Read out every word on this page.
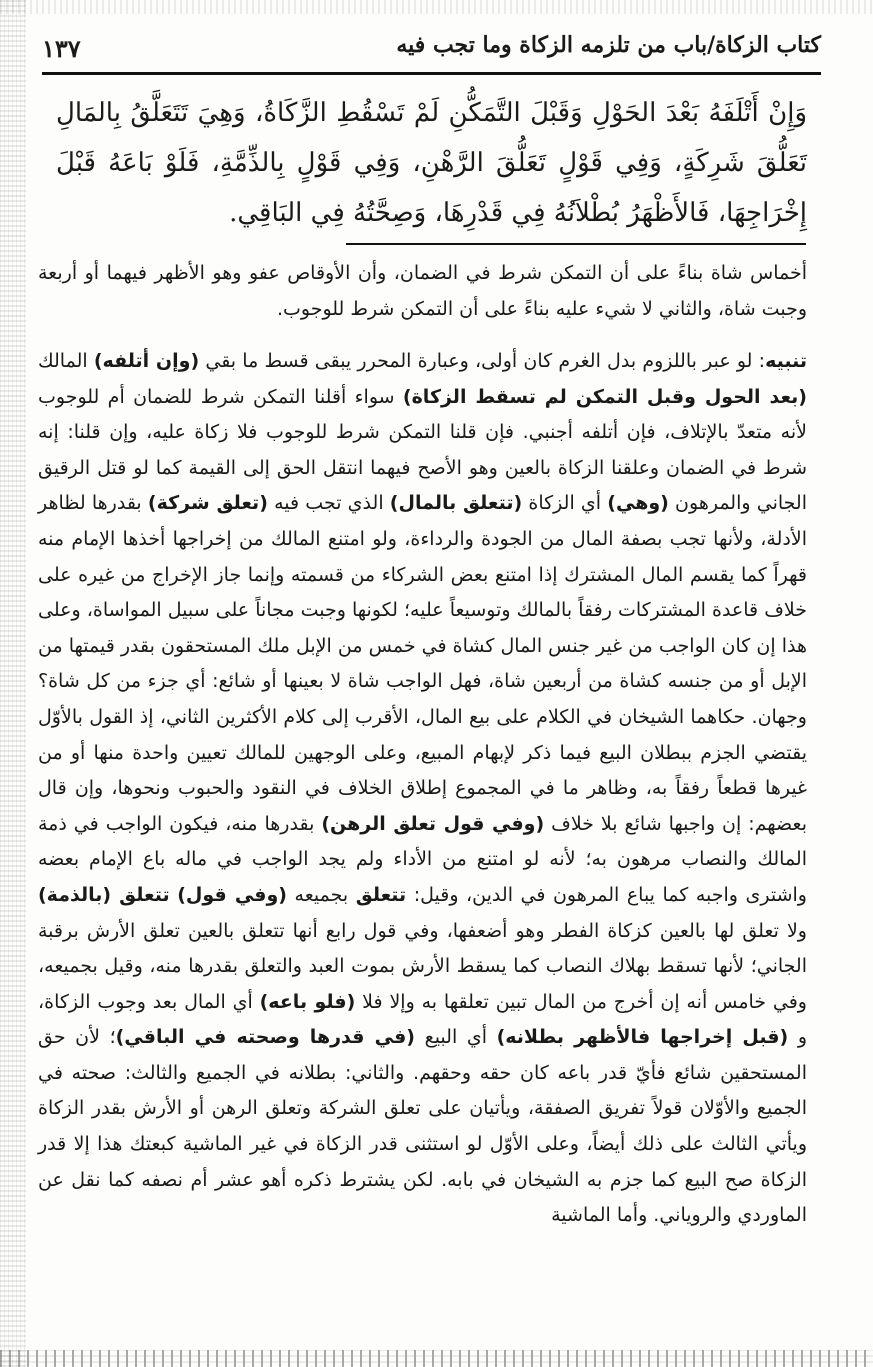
كتاب الزكاة/باب من تلزمه الزكاة وما تجب فيه
١٣٧
وَإِنْ أَتْلَفَهُ بَعْدَ الحَوْلِ وَقَبْلَ التَّمَكُّنِ لَمْ تَسْقُطِ الزَّكَاةُ، وَهِيَ تَتَعَلَّقُ بِالمَالِ تَعَلُّقَ شَرِكَةٍ، وَفِي قَوْلٍ تَعَلُّقَ الرَّهْنِ، وَفِي قَوْلٍ بِالذِّمَّةِ، فَلَوْ بَاعَهُ قَبْلَ إِخْرَاجِهَا، فَالأَظْهَرُ بُطْلاَنُهُ فِي قَدْرِهَا، وَصِحَّتُهُ فِي البَاقِي.

أخماس شاة بناءً على أن التمكن شرط في الضمان، وأن الأوقاص عفو وهو الأظهر فيهما أو أربعة وجبت شاة، والثاني لا شيء عليه بناءً على أن التمكن شرط للوجوب.

تنبيه: لو عبر باللزوم بدل الغرم كان أولى، وعبارة المحرر يبقى قسط ما بقي (وإن أتلفه) المالك (بعد الحول وقبل التمكن لم تسقط الزكاة) سواء أقلنا التمكن شرط للضمان أم للوجوب لأنه متعدّ بالإتلاف، فإن أتلفه أجنبي. فإن قلنا التمكن شرط للوجوب فلا زكاة عليه، وإن قلنا: إنه شرط في الضمان وعلقنا الزكاة بالعين وهو الأصح فيهما انتقل الحق إلى القيمة كما لو قتل الرقيق الجاني والمرهون (وهي) أي الزكاة (تتعلق بالمال) الذي تجب فيه (تعلق شركة) بقدرها لظاهر الأدلة، ولأنها تجب بصفة المال من الجودة والرداءة، ولو امتنع المالك من إخراجها أخذها الإمام منه قهراً كما يقسم المال المشترك إذا امتنع بعض الشركاء من قسمته وإنما جاز الإخراج من غيره على خلاف قاعدة المشتركات رفقاً بالمالك وتوسيعاً عليه؛ لكونها وجبت مجاناً على سبيل المواساة، وعلى هذا إن كان الواجب من غير جنس المال كشاة في خمس من الإبل ملك المستحقون بقدر قيمتها من الإبل أو من جنسه كشاة من أربعين شاة، فهل الواجب شاة لا بعينها أو شائع: أي جزء من كل شاة؟ وجهان. حكاهما الشيخان في الكلام على بيع المال، الأقرب إلى كلام الأكثرين الثاني، إذ القول بالأوّل يقتضي الجزم ببطلان البيع فيما ذكر لإبهام المبيع، وعلى الوجهين للمالك تعيين واحدة منها أو من غيرها قطعاً رفقاً به، وظاهر ما في المجموع إطلاق الخلاف في النقود والحبوب ونحوها، وإن قال بعضهم: إن واجبها شائع بلا خلاف (وفي قول تعلق الرهن) بقدرها منه، فيكون الواجب في ذمة المالك والنصاب مرهون به؛ لأنه لو امتنع من الأداء ولم يجد الواجب في ماله باع الإمام بعضه واشترى واجبه كما يباع المرهون في الدين، وقيل: تتعلق بجميعه (وفي قول) تتعلق (بالذمة) ولا تعلق لها بالعين كزكاة الفطر وهو أضعفها، وفي قول رابع أنها تتعلق بالعين تعلق الأرش برقبة الجاني؛ لأنها تسقط بهلاك النصاب كما يسقط الأرش بموت العبد والتعلق بقدرها منه، وقيل بجميعه، وفي خامس أنه إن أخرج من المال تبين تعلقها به وإلا فلا (فلو باعه) أي المال بعد وجوب الزكاة، و (قبل إخراجها فالأظهر بطلانه) أي البيع (في قدرها وصحته في الباقي)؛ لأن حق المستحقين شائع فأيّ قدر باعه كان حقه وحقهم. والثاني: بطلانه في الجميع والثالث: صحته في الجميع والأوّلان قولاً تفريق الصفقة، ويأتيان على تعلق الشركة وتعلق الرهن أو الأرش بقدر الزكاة ويأتي الثالث على ذلك أيضاً، وعلى الأوّل لو استثنى قدر الزكاة في غير الماشية كبعتك هذا إلا قدر الزكاة صح البيع كما جزم به الشيخان في بابه. لكن يشترط ذكره أهو عشر أم نصفه كما نقل عن الماوردي والروياني. وأما الماشية
